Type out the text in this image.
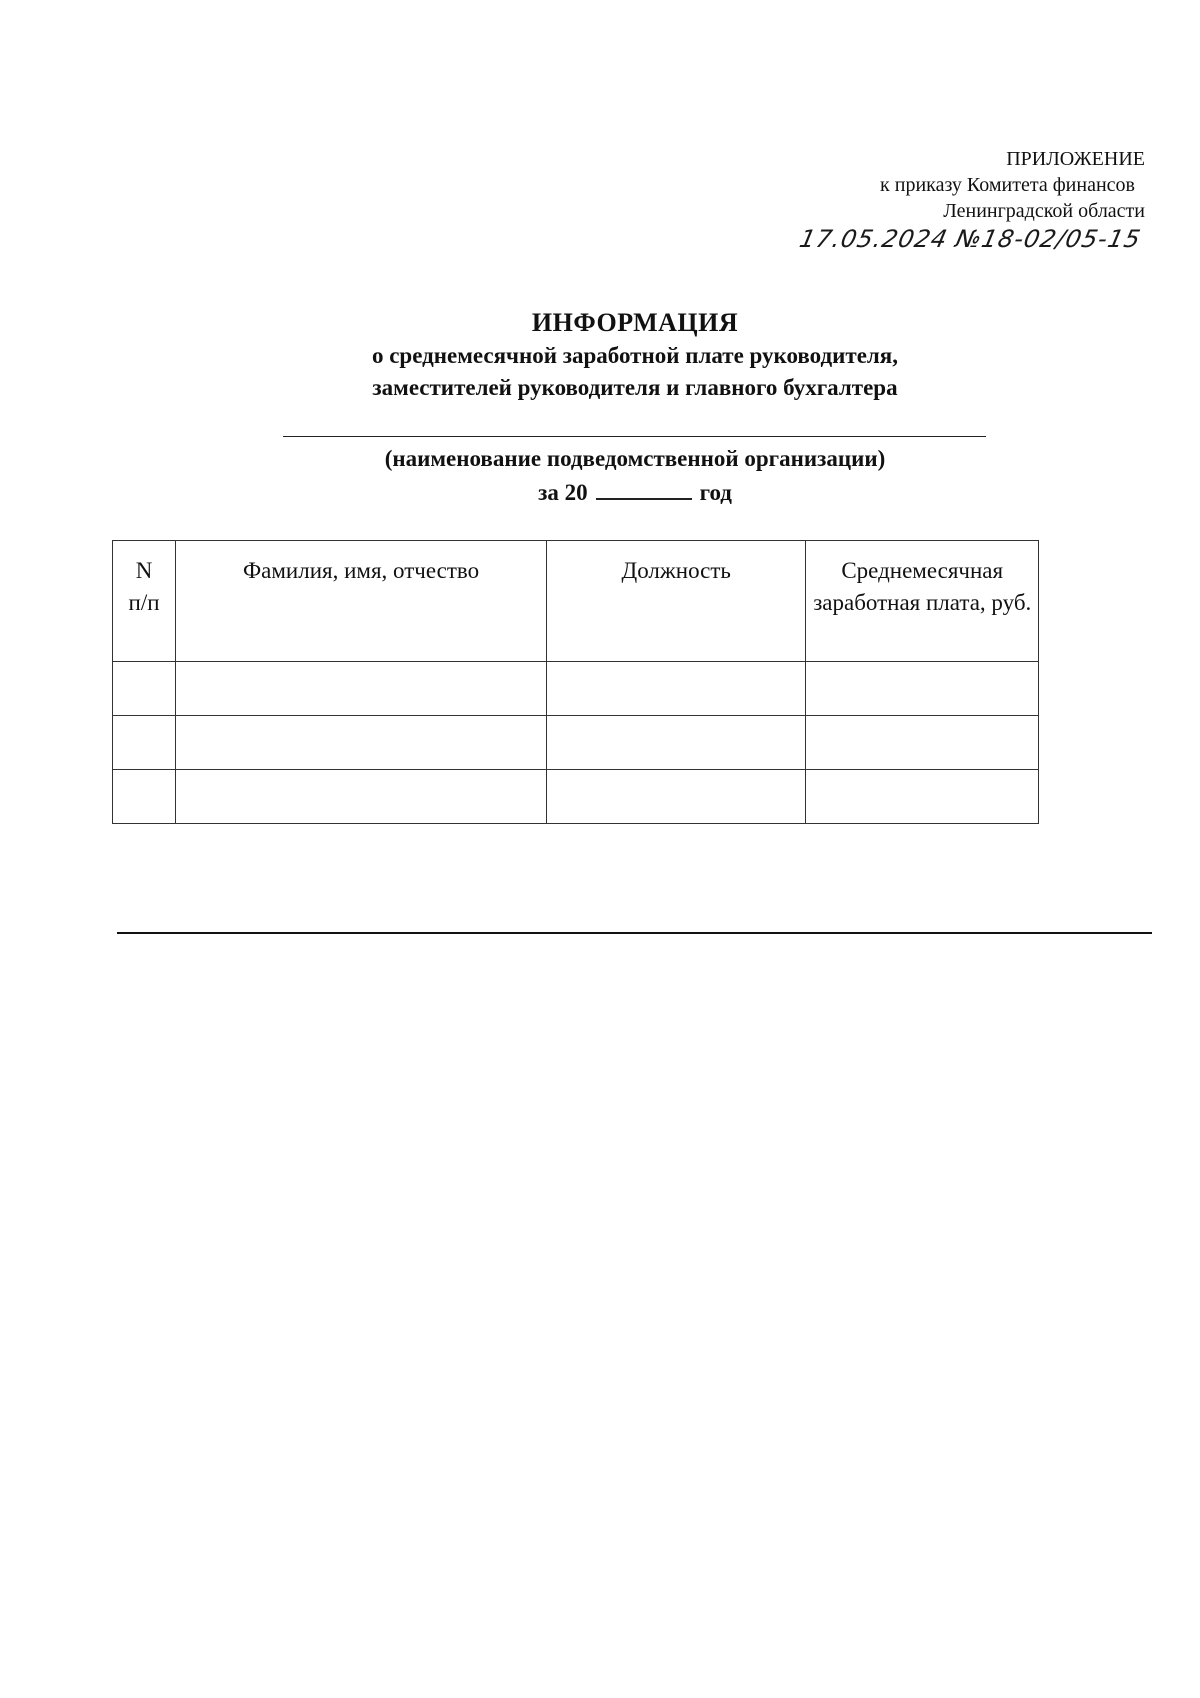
ПРИЛОЖЕНИЕ
к приказу Комитета финансов
Ленинградской области
17.05.2024 №18-02/05-15
ИНФОРМАЦИЯ
о среднемесячной заработной плате руководителя,
заместителей руководителя и главного бухгалтера
(наименование подведомственной организации)
за 20	год
N
п/п	Фамилия, имя, отчество	Должность	Среднемесячная заработная плата, руб.
